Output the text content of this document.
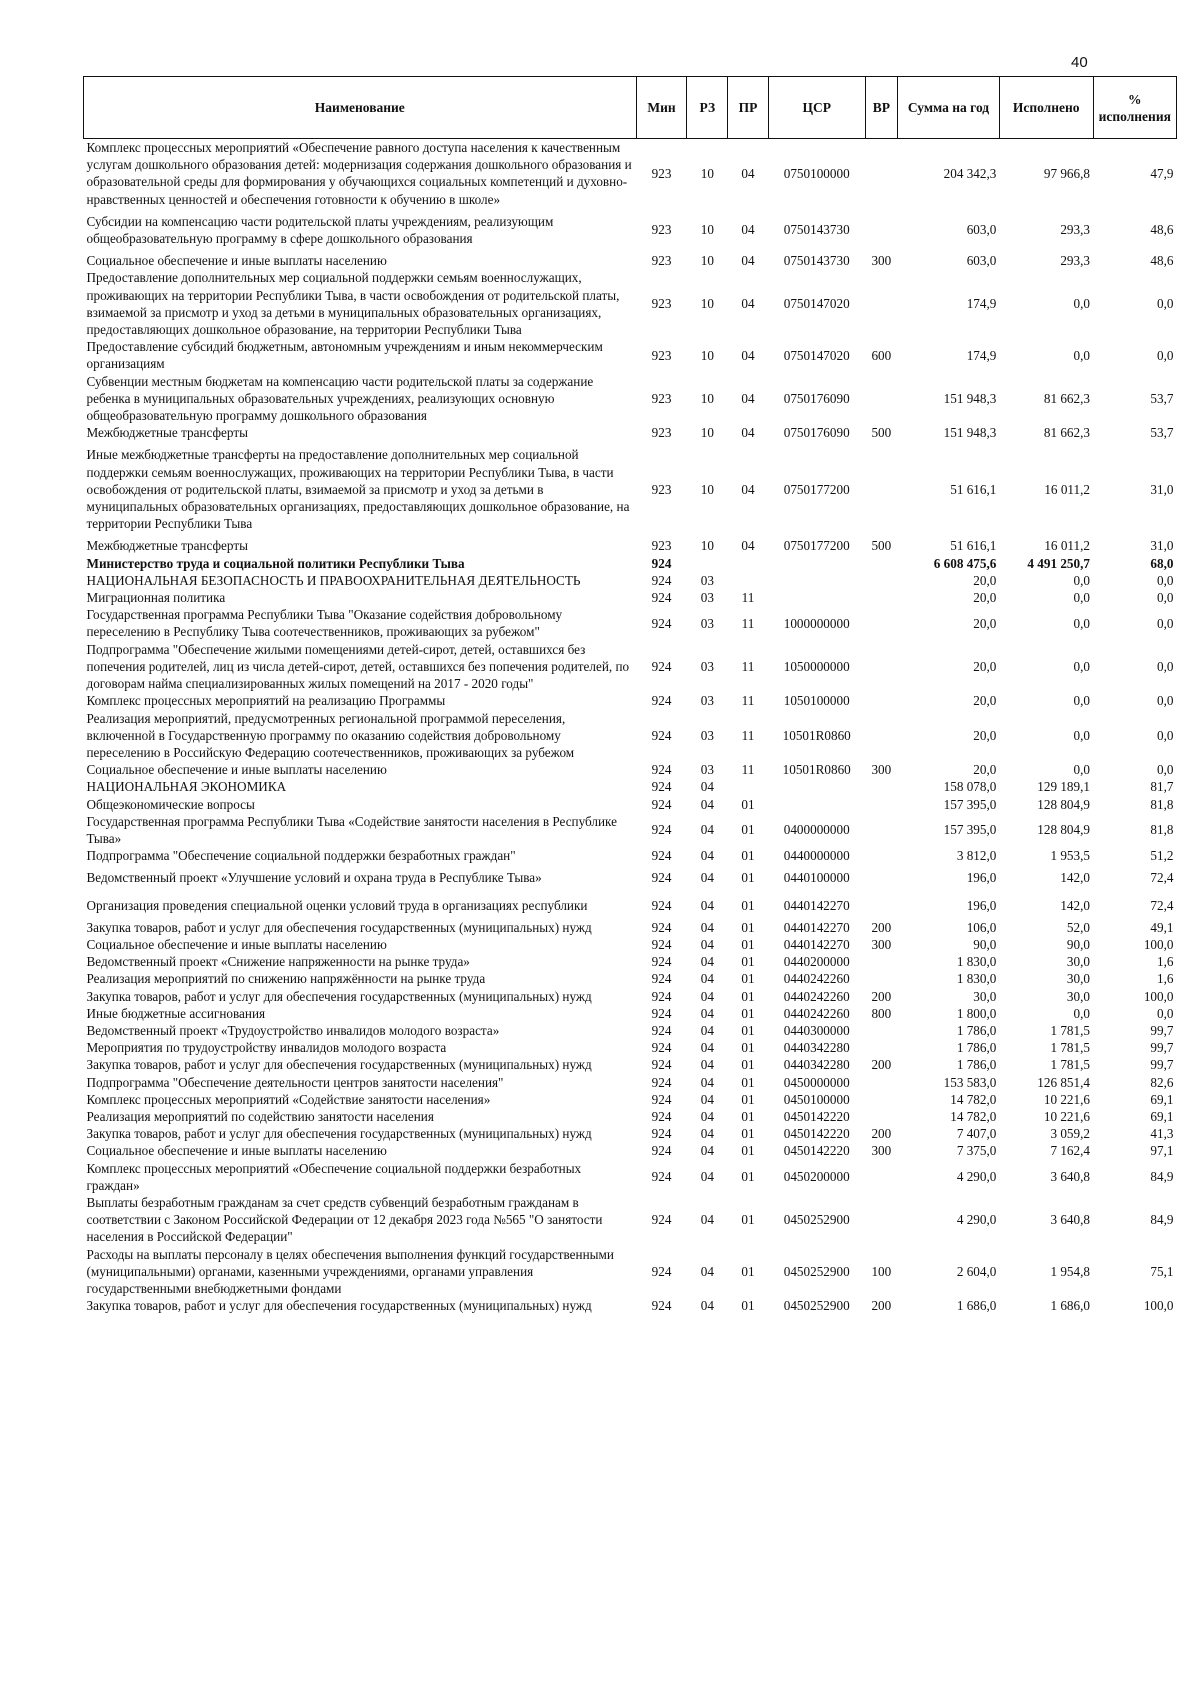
40
Наименование	Мин	РЗ	ПР	ЦСР	ВР	Сумма на год	Исполнено	% исполнения
Комплекс процессных мероприятий «Обеспечение равного доступа населения к качественным услугам дошкольного образования детей: модернизация содержания дошкольного образования и образовательной среды для формирования у обучающихся социальных компетенций и духовно-нравственных ценностей и обеспечения готовности к обучению в школе»	923	10	04	0750100000		204 342,3	97 966,8	47,9
Субсидии на компенсацию части родительской платы учреждениям, реализующим общеобразовательную программу в сфере дошкольного образования	923	10	04	0750143730		603,0	293,3	48,6
Социальное обеспечение и иные выплаты населению	923	10	04	0750143730	300	603,0	293,3	48,6
Предоставление дополнительных мер социальной поддержки семьям военнослужащих, проживающих на территории Республики Тыва, в части освобождения от родительской платы, взимаемой за присмотр и уход за детьми в муниципальных образовательных организациях, предоставляющих дошкольное образование, на территории Республики Тыва	923	10	04	0750147020		174,9	0,0	0,0
Предоставление субсидий бюджетным, автономным учреждениям и иным некоммерческим организациям	923	10	04	0750147020	600	174,9	0,0	0,0
Субвенции местным бюджетам на компенсацию части родительской платы за содержание ребенка в муниципальных образовательных учреждениях, реализующих основную общеобразовательную программу дошкольного образования	923	10	04	0750176090		151 948,3	81 662,3	53,7
Межбюджетные трансферты	923	10	04	0750176090	500	151 948,3	81 662,3	53,7
Иные межбюджетные трансферты на предоставление дополнительных мер социальной поддержки семьям военнослужащих, проживающих на территории Республики Тыва, в части освобождения от родительской платы, взимаемой за присмотр и уход за детьми в муниципальных образовательных организациях, предоставляющих дошкольное образование, на территории Республики Тыва	923	10	04	0750177200		51 616,1	16 011,2	31,0
Межбюджетные трансферты	923	10	04	0750177200	500	51 616,1	16 011,2	31,0
Министерство труда и социальной политики Республики Тыва	924					6 608 475,6	4 491 250,7	68,0
НАЦИОНАЛЬНАЯ БЕЗОПАСНОСТЬ И ПРАВООХРАНИТЕЛЬНАЯ ДЕЯТЕЛЬНОСТЬ	924	03				20,0	0,0	0,0
Миграционная политика	924	03	11			20,0	0,0	0,0
Государственная программа Республики Тыва "Оказание содействия добровольному переселению в Республику Тыва соотечественников, проживающих за рубежом"	924	03	11	1000000000		20,0	0,0	0,0
Подпрограмма "Обеспечение жилыми помещениями детей-сирот, детей, оставшихся без попечения родителей, лиц из числа детей-сирот, детей, оставшихся без попечения родителей, по договорам найма специализированных жилых помещений на 2017 - 2020 годы"	924	03	11	1050000000		20,0	0,0	0,0
Комплекс процессных мероприятий на реализацию Программы	924	03	11	1050100000		20,0	0,0	0,0
Реализация мероприятий, предусмотренных региональной программой переселения, включенной в Государственную программу по оказанию содействия добровольному переселению в Российскую Федерацию соотечественников, проживающих за рубежом	924	03	11	10501R0860		20,0	0,0	0,0
Социальное обеспечение и иные выплаты населению	924	03	11	10501R0860	300	20,0	0,0	0,0
НАЦИОНАЛЬНАЯ ЭКОНОМИКА	924	04				158 078,0	129 189,1	81,7
Общеэкономические вопросы	924	04	01			157 395,0	128 804,9	81,8
Государственная программа Республики Тыва «Содействие занятости населения в Республике Тыва»	924	04	01	0400000000		157 395,0	128 804,9	81,8
Подпрограмма "Обеспечение социальной поддержки безработных граждан"	924	04	01	0440000000		3 812,0	1 953,5	51,2
Ведомственный проект «Улучшение условий и охрана труда в Республике Тыва»	924	04	01	0440100000		196,0	142,0	72,4
Организация проведения специальной оценки условий труда в организациях республики	924	04	01	0440142270		196,0	142,0	72,4
Закупка товаров, работ и услуг для обеспечения государственных (муниципальных) нужд	924	04	01	0440142270	200	106,0	52,0	49,1
Социальное обеспечение и иные выплаты населению	924	04	01	0440142270	300	90,0	90,0	100,0
Ведомственный проект «Снижение напряженности на рынке труда»	924	04	01	0440200000		1 830,0	30,0	1,6
Реализация мероприятий по снижению напряжённости на рынке труда	924	04	01	0440242260		1 830,0	30,0	1,6
Закупка товаров, работ и услуг для обеспечения государственных (муниципальных) нужд	924	04	01	0440242260	200	30,0	30,0	100,0
Иные бюджетные ассигнования	924	04	01	0440242260	800	1 800,0	0,0	0,0
Ведомственный проект «Трудоустройство инвалидов молодого возраста»	924	04	01	0440300000		1 786,0	1 781,5	99,7
Мероприятия по трудоустройству инвалидов молодого возраста	924	04	01	0440342280		1 786,0	1 781,5	99,7
Закупка товаров, работ и услуг для обеспечения государственных (муниципальных) нужд	924	04	01	0440342280	200	1 786,0	1 781,5	99,7
Подпрограмма "Обеспечение деятельности центров занятости населения"	924	04	01	0450000000		153 583,0	126 851,4	82,6
Комплекс процессных мероприятий «Содействие занятости населения»	924	04	01	0450100000		14 782,0	10 221,6	69,1
Реализация мероприятий по содействию занятости населения	924	04	01	0450142220		14 782,0	10 221,6	69,1
Закупка товаров, работ и услуг для обеспечения государственных (муниципальных) нужд	924	04	01	0450142220	200	7 407,0	3 059,2	41,3
Социальное обеспечение и иные выплаты населению	924	04	01	0450142220	300	7 375,0	7 162,4	97,1
Комплекс процессных мероприятий «Обеспечение социальной поддержки безработных граждан»	924	04	01	0450200000		4 290,0	3 640,8	84,9
Выплаты безработным гражданам за счет средств субвенций безработным гражданам в соответствии с Законом Российской Федерации от 12 декабря 2023 года №565 "О занятости населения в Российской Федерации"	924	04	01	0450252900		4 290,0	3 640,8	84,9
Расходы на выплаты персоналу в целях обеспечения выполнения функций государственными (муниципальными) органами, казенными учреждениями, органами управления государственными внебюджетными фондами	924	04	01	0450252900	100	2 604,0	1 954,8	75,1
Закупка товаров, работ и услуг для обеспечения государственных (муниципальных) нужд	924	04	01	0450252900	200	1 686,0	1 686,0	100,0
